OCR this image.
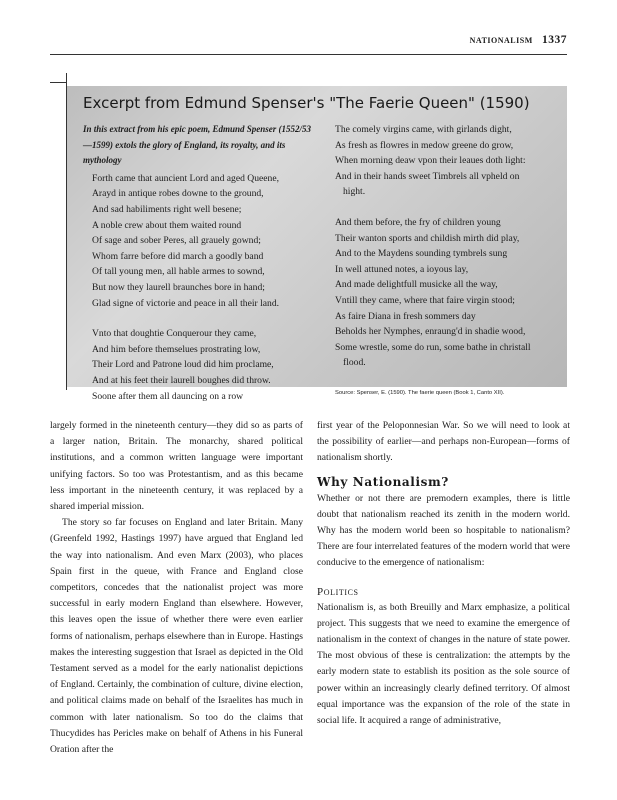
nationalism 1337
Excerpt from Edmund Spenser's "The Faerie Queen" (1590)

In this extract from his epic poem, Edmund Spenser (1552/53—1599) extols the glory of England, its royalty, and its mythology

Forth came that auncient Lord and aged Queene,
Arayd in antique robes downe to the ground,
And sad habiliments right well besene;
A noble crew about them waited round
Of sage and sober Peres, all grauely gownd;
Whom farre before did march a goodly band
Of tall young men, all hable armes to sownd,
But now they laurell braunches bore in hand;
Glad signe of victorie and peace in all their land.
Vnto that doughtie Conquerour they came,
And him before themselues prostrating low,
Their Lord and Patrone loud did him proclame,
And at his feet their laurell boughes did throw.
Soone after them all dauncing on a row
The comely virgins came, with girlands dight,
As fresh as flowres in medow greene do grow,
When morning deaw vpon their leaues doth light:
And in their hands sweet Timbrels all vpheld on
hight.
And them before, the fry of children young
Their wanton sports and childish mirth did play,
And to the Maydens sounding tymbrels sung
In well attuned notes, a ioyous lay,
And made delightfull musicke all the way,
Vntill they came, where that faire virgin stood;
As faire Diana in fresh sommers day
Beholds her Nymphes, enraung'd in shadie wood,
Some wrestle, some do run, some bathe in christall
flood.
Source: Spenser, E. (1590). The faerie queen (Book 1, Canto XII).

largely formed in the nineteenth century—they did so as parts of a larger nation, Britain. The monarchy, shared political institutions, and a common written language were important unifying factors. So too was Protestantism, and as this became less important in the nineteenth century, it was replaced by a shared imperial mission.

The story so far focuses on England and later Britain. Many (Greenfeld 1992, Hastings 1997) have argued that England led the way into nationalism. And even Marx (2003), who places Spain first in the queue, with France and England close competitors, concedes that the nationalist project was more successful in early modern England than elsewhere. However, this leaves open the issue of whether there were even earlier forms of nationalism, perhaps elsewhere than in Europe. Hastings makes the interesting suggestion that Israel as depicted in the Old Testament served as a model for the early nationalist depictions of England. Certainly, the combination of culture, divine election, and political claims made on behalf of the Israelites has much in common with later nationalism. So too do the claims that Thucydides has Pericles make on behalf of Athens in his Funeral Oration after the

first year of the Peloponnesian War. So we will need to look at the possibility of earlier—and perhaps non-European—forms of nationalism shortly.

Why Nationalism?

Whether or not there are premodern examples, there is little doubt that nationalism reached its zenith in the modern world. Why has the modern world been so hospitable to nationalism? There are four interrelated features of the modern world that were conducive to the emergence of nationalism:

Politics

Nationalism is, as both Breuilly and Marx emphasize, a political project. This suggests that we need to examine the emergence of nationalism in the context of changes in the nature of state power. The most obvious of these is centralization: the attempts by the early modern state to establish its position as the sole source of power within an increasingly clearly defined territory. Of almost equal importance was the expansion of the role of the state in social life. It acquired a range of administrative,
